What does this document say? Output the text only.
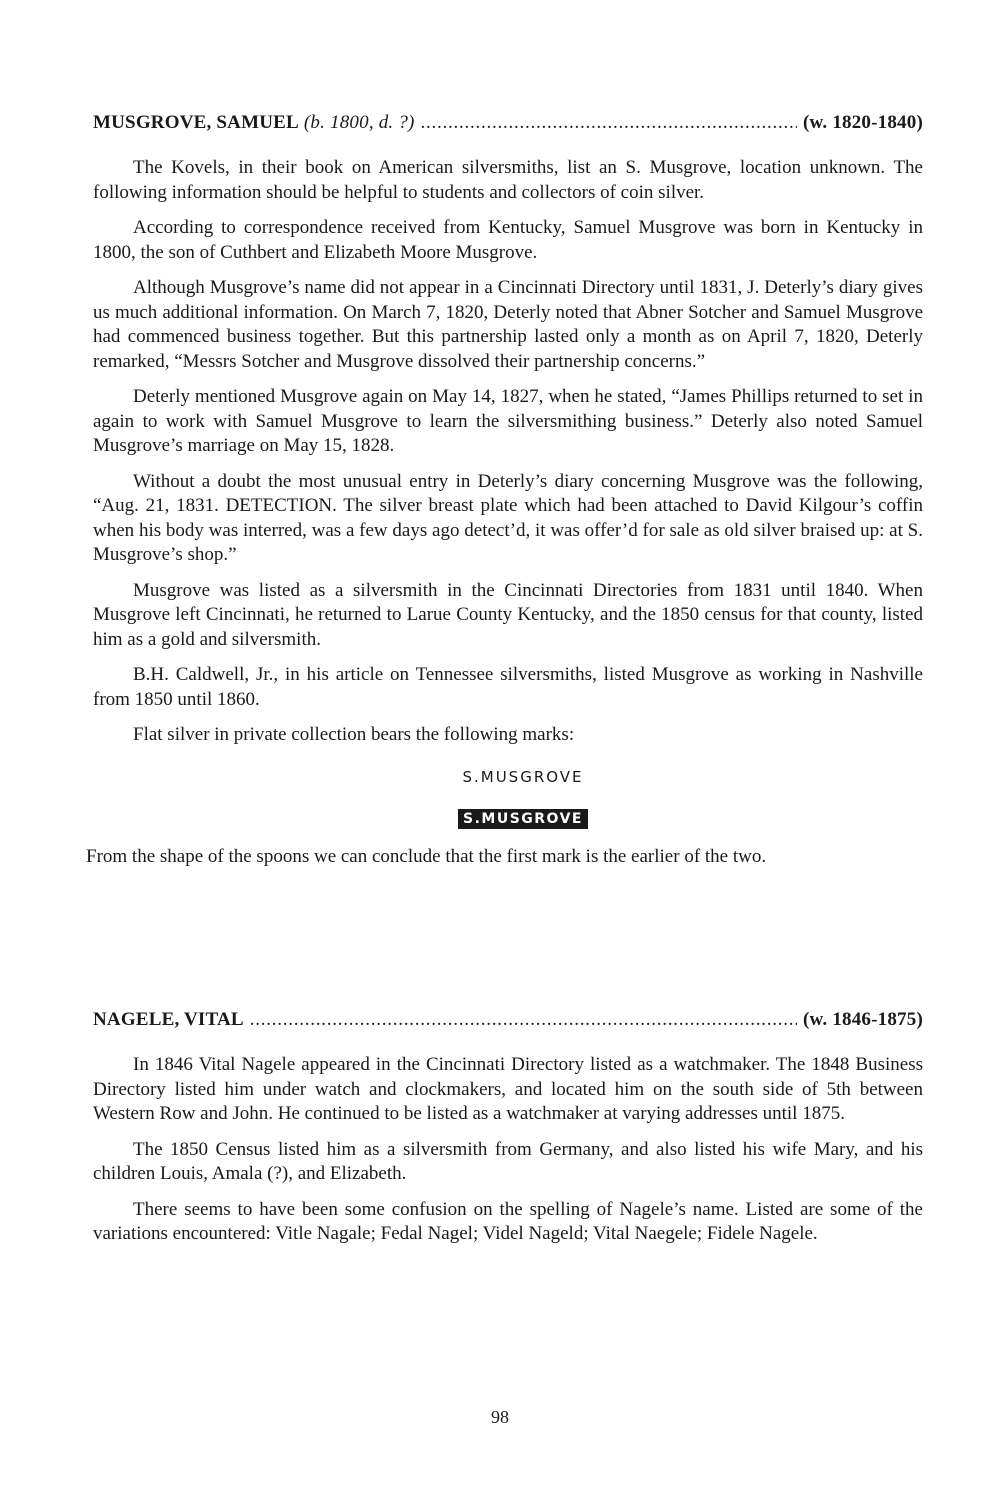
MUSGROVE, SAMUEL (b. 1800, d. ?) . . .	(w. 1820-1840)

The Kovels, in their book on American silversmiths, list an S. Musgrove, location unknown. The following information should be helpful to students and collectors of coin silver.

According to correspondence received from Kentucky, Samuel Musgrove was born in Kentucky in 1800, the son of Cuthbert and Elizabeth Moore Musgrove.

Although Musgrove’s name did not appear in a Cincinnati Directory until 1831, J. Deterly’s diary gives us much additional information. On March 7, 1820, Deterly noted that Abner Sotcher and Samuel Musgrove had commenced business together. But this partnership lasted only a month as on April 7, 1820, Deterly remarked, “Messrs Sotcher and Musgrove dissolved their partnership concerns.”

Deterly mentioned Musgrove again on May 14, 1827, when he stated, “James Phillips returned to set in again to work with Samuel Musgrove to learn the silversmithing business.” Deterly also noted Samuel Musgrove’s marriage on May 15, 1828.

Without a doubt the most unusual entry in Deterly’s diary concerning Musgrove was the following, “Aug. 21, 1831. DETECTION. The silver breast plate which had been attached to David Kilgour’s coffin when his body was interred, was a few days ago detect’d, it was offer’d for sale as old silver braised up: at S. Musgrove’s shop.”

Musgrove was listed as a silversmith in the Cincinnati Directories from 1831 until 1840. When Musgrove left Cincinnati, he returned to Larue County Kentucky, and the 1850 census for that county, listed him as a gold and silversmith.

B.H. Caldwell, Jr., in his article on Tennessee silversmiths, listed Musgrove as working in Nashville from 1850 until 1860.

Flat silver in private collection bears the following marks:

S.MUSGROVE
S.MUSGROVE

From the shape of the spoons we can conclude that the first mark is the earlier of the two.

NAGELE, VITAL . . .	(w. 1846-1875)

In 1846 Vital Nagele appeared in the Cincinnati Directory listed as a watchmaker. The 1848 Business Directory listed him under watch and clockmakers, and located him on the south side of 5th between Western Row and John. He continued to be listed as a watchmaker at varying addresses until 1875.

The 1850 Census listed him as a silversmith from Germany, and also listed his wife Mary, and his children Louis, Amala (?), and Elizabeth.

There seems to have been some confusion on the spelling of Nagele’s name. Listed are some of the variations encountered: Vitle Nagale; Fedal Nagel; Videl Nageld; Vital Naegele; Fidele Nagele.

98
